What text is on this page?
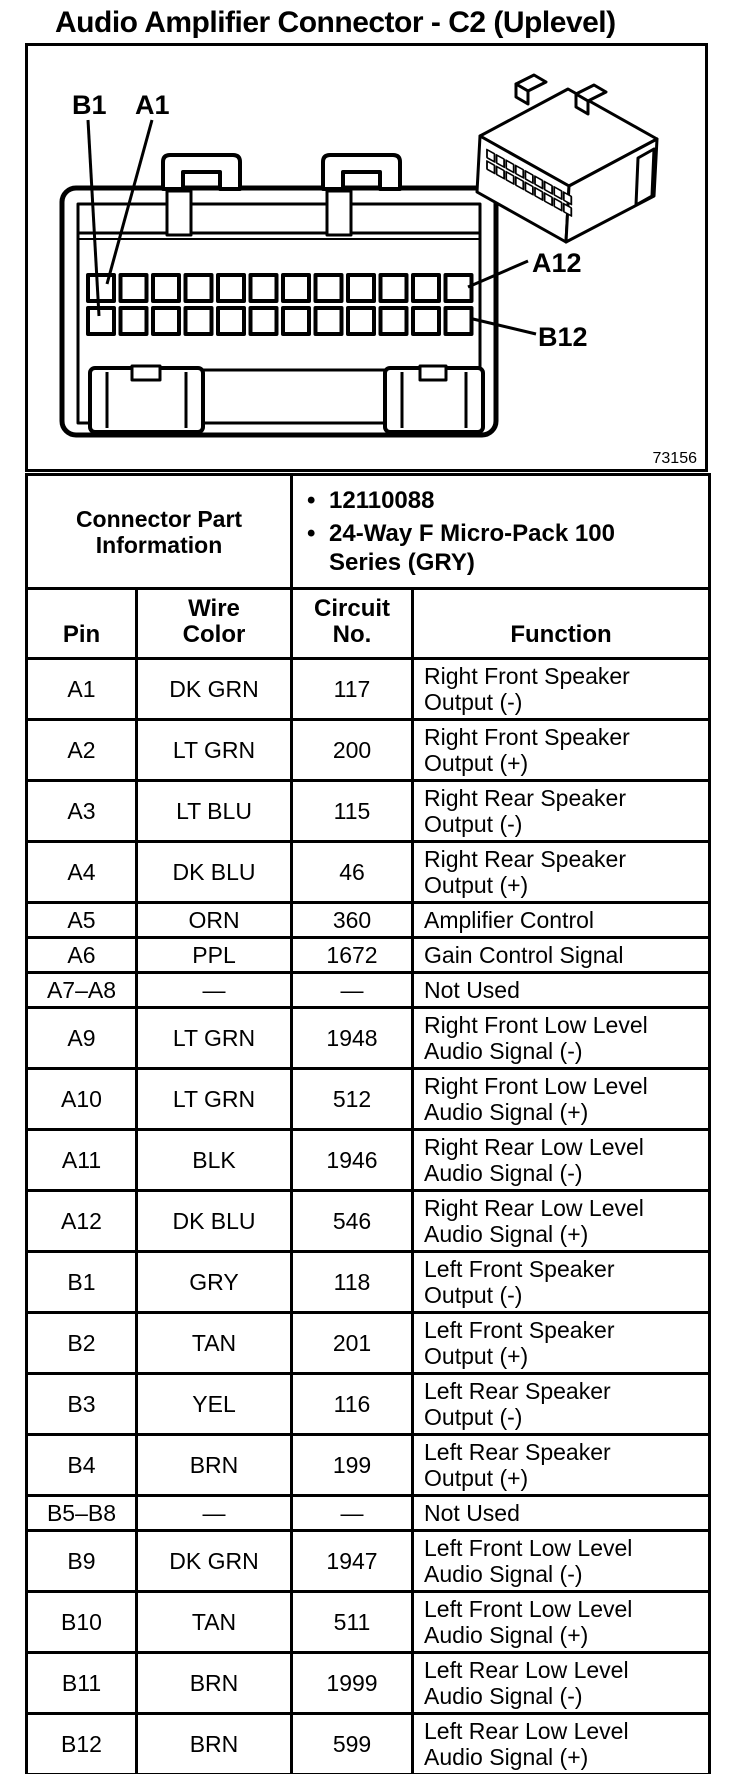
Audio Amplifier Connector - C2 (Uplevel)
B1 A1
A12
B12
73156
Connector Part Information	
• 12110088
• 24-Way F Micro-Pack 100 Series (GRY)

Pin	Wire Color	Circuit No.	Function
A1	DK GRN	117	Right Front Speaker Output (-)
A2	LT GRN	200	Right Front Speaker Output (+)
A3	LT BLU	115	Right Rear Speaker Output (-)
A4	DK BLU	46	Right Rear Speaker Output (+)
A5	ORN	360	Amplifier Control
A6	PPL	1672	Gain Control Signal
A7–A8	—	—	Not Used
A9	LT GRN	1948	Right Front Low Level Audio Signal (-)
A10	LT GRN	512	Right Front Low Level Audio Signal (+)
A11	BLK	1946	Right Rear Low Level Audio Signal (-)
A12	DK BLU	546	Right Rear Low Level Audio Signal (+)
B1	GRY	118	Left Front Speaker Output (-)
B2	TAN	201	Left Front Speaker Output (+)
B3	YEL	116	Left Rear Speaker Output (-)
B4	BRN	199	Left Rear Speaker Output (+)
B5–B8	—	—	Not Used
B9	DK GRN	1947	Left Front Low Level Audio Signal (-)
B10	TAN	511	Left Front Low Level Audio Signal (+)
B11	BRN	1999	Left Rear Low Level Audio Signal (-)
B12	BRN	599	Left Rear Low Level Audio Signal (+)
